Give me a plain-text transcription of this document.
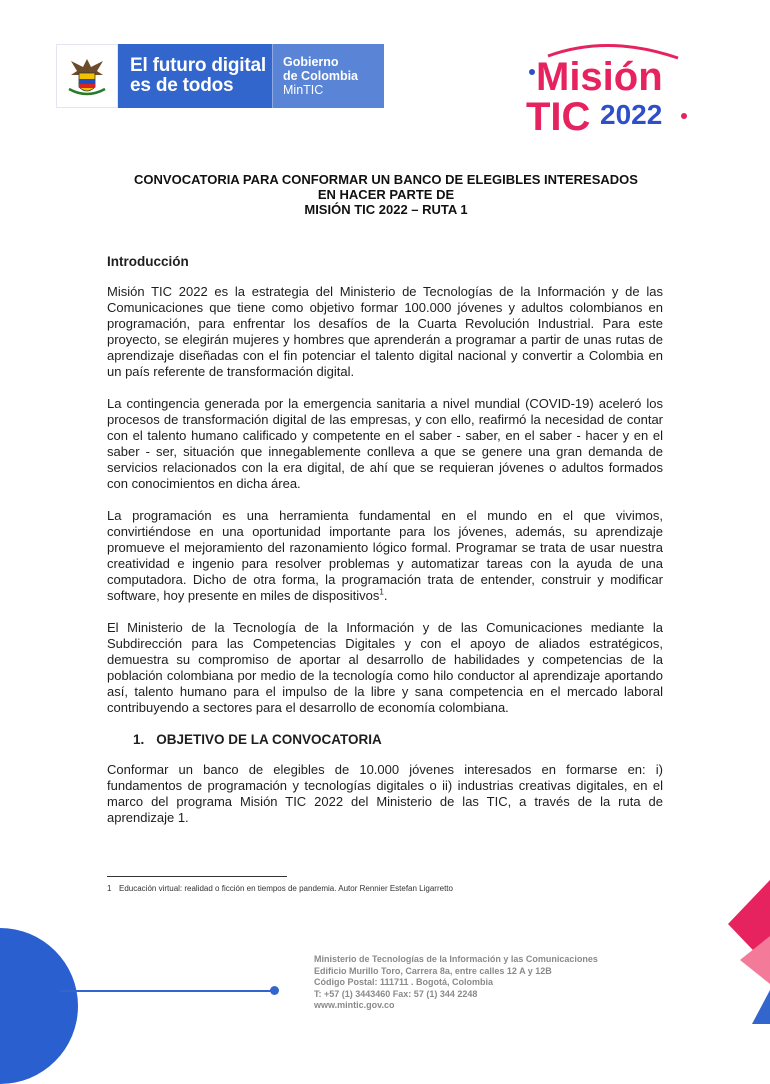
El futuro digital
es de todos
Gobierno
de Colombia
MinTIC	Misión
TIC 2022
CONVOCATORIA PARA CONFORMAR UN BANCO DE ELEGIBLES INTERESADOS
EN HACER PARTE DE
MISIÓN TIC 2022 – RUTA 1
Introducción

Misión TIC 2022 es la estrategia del Ministerio de Tecnologías de la Información y de las Comunicaciones que tiene como objetivo formar 100.000 jóvenes y adultos colombianos en programación, para enfrentar los desafíos de la Cuarta Revolución Industrial. Para este proyecto, se elegirán mujeres y hombres que aprenderán a programar a partir de unas rutas de aprendizaje diseñadas con el fin potenciar el talento digital nacional y convertir a Colombia en un país referente de transformación digital.

La contingencia generada por la emergencia sanitaria a nivel mundial (COVID-19) aceleró los procesos de transformación digital de las empresas, y con ello, reafirmó la necesidad de contar con el talento humano calificado y competente en el saber - saber, en el saber - hacer y en el saber - ser, situación que innegablemente conlleva a que se genere una gran demanda de servicios relacionados con la era digital, de ahí que se requieran jóvenes o adultos formados con conocimientos en dicha área.

La programación es una herramienta fundamental en el mundo en el que vivimos, convirtiéndose en una oportunidad importante para los jóvenes, además, su aprendizaje promueve el mejoramiento del razonamiento lógico formal. Programar se trata de usar nuestra creatividad e ingenio para resolver problemas y automatizar tareas con la ayuda de una computadora. Dicho de otra forma, la programación trata de entender, construir y modificar software, hoy presente en miles de dispositivos$^1$.

El Ministerio de la Tecnología de la Información y de las Comunicaciones mediante la Subdirección para las Competencias Digitales y con el apoyo de aliados estratégicos, demuestra su compromiso de aportar al desarrollo de habilidades y competencias de la población colombiana por medio de la tecnología como hilo conductor al aprendizaje aportando así, talento humano para el impulso de la libre y sana competencia en el mercado laboral contribuyendo a sectores para el desarrollo de economía colombiana.

1. OBJETIVO DE LA CONVOCATORIA

Conformar un banco de elegibles de 10.000 jóvenes interesados en formarse en: i) fundamentos de programación y tecnologías digitales o ii) industrias creativas digitales, en el marco del programa Misión TIC 2022 del Ministerio de las TIC, a través de la ruta de aprendizaje 1.

1 Educación virtual: realidad o ficción en tiempos de pandemia. Autor Rennier Estefan Ligarretto
Ministerio de Tecnologías de la Información y las Comunicaciones
Edificio Murillo Toro, Carrera 8a, entre calles 12 A y 12B
Código Postal: 111711 . Bogotá, Colombia
T: +57 (1) 3443460 Fax: 57 (1) 344 2248
www.mintic.gov.co
